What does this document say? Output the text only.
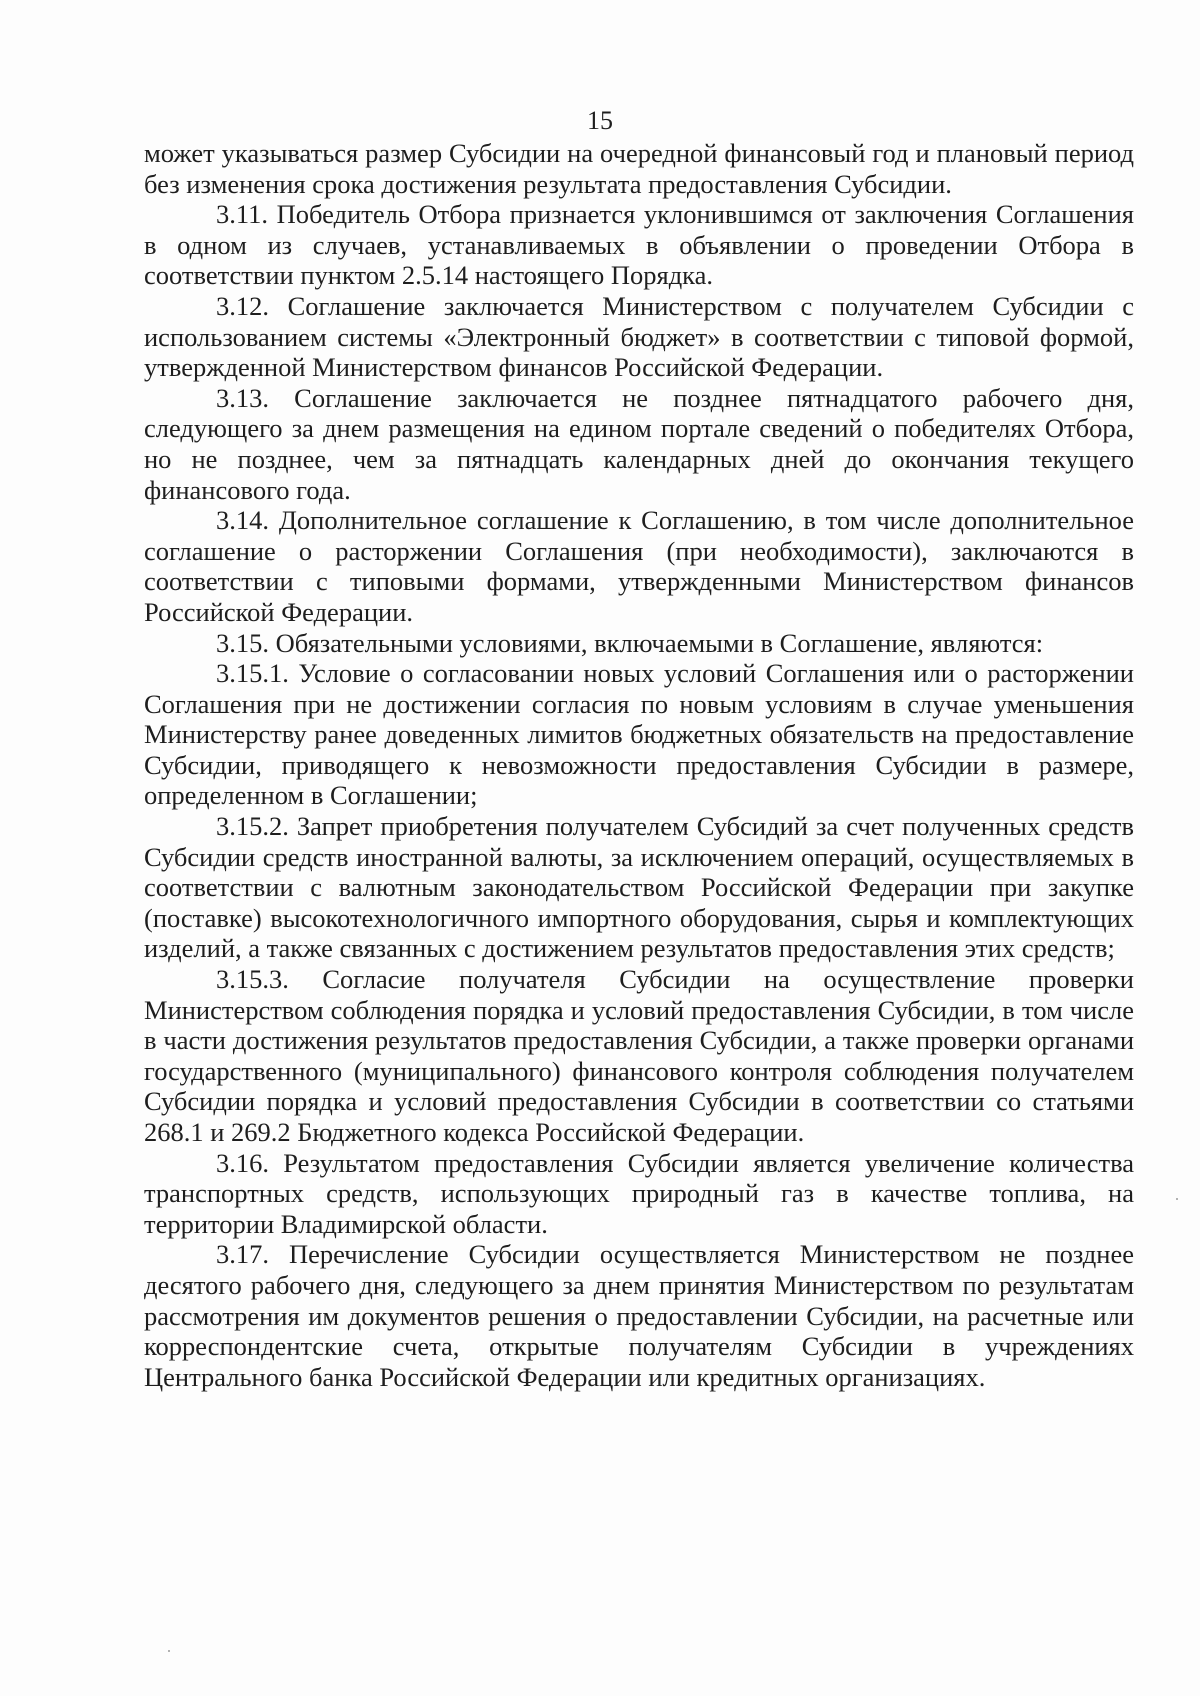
15

может указываться размер Субсидии на очередной финансовый год и плановый период без изменения срока достижения результата предоставления Субсидии.

3.11. Победитель Отбора признается уклонившимся от заключения Соглашения в одном из случаев, устанавливаемых в объявлении о проведении Отбора в соответствии пунктом 2.5.14 настоящего Порядка.

3.12. Соглашение заключается Министерством с получателем Субсидии с использованием системы «Электронный бюджет» в соответствии с типовой формой, утвержденной Министерством финансов Российской Федерации.

3.13. Соглашение заключается не позднее пятнадцатого рабочего дня, следующего за днем размещения на едином портале сведений о победителях Отбора, но не позднее, чем за пятнадцать календарных дней до окончания текущего финансового года.

3.14. Дополнительное соглашение к Соглашению, в том числе дополнительное соглашение о расторжении Соглашения (при необходимости), заключаются в соответствии с типовыми формами, утвержденными Министерством финансов Российской Федерации.

3.15. Обязательными условиями, включаемыми в Соглашение, являются:

3.15.1. Условие о согласовании новых условий Соглашения или о расторжении Соглашения при не достижении согласия по новым условиям в случае уменьшения Министерству ранее доведенных лимитов бюджетных обязательств на предоставление Субсидии, приводящего к невозможности предоставления Субсидии в размере, определенном в Соглашении;

3.15.2. Запрет приобретения получателем Субсидий за счет полученных средств Субсидии средств иностранной валюты, за исключением операций, осуществляемых в соответствии с валютным законодательством Российской Федерации при закупке (поставке) высокотехнологичного импортного оборудования, сырья и комплектующих изделий, а также связанных с достижением результатов предоставления этих средств;

3.15.3. Согласие получателя Субсидии на осуществление проверки Министерством соблюдения порядка и условий предоставления Субсидии, в том числе в части достижения результатов предоставления Субсидии, а также проверки органами государственного (муниципального) финансового контроля соблюдения получателем Субсидии порядка и условий предоставления Субсидии в соответствии со статьями 268.1 и 269.2 Бюджетного кодекса Российской Федерации.

3.16. Результатом предоставления Субсидии является увеличение количества транспортных средств, использующих природный газ в качестве топлива, на территории Владимирской области.

3.17. Перечисление Субсидии осуществляется Министерством не позднее десятого рабочего дня, следующего за днем принятия Министерством по результатам рассмотрения им документов решения о предоставлении Субсидии, на расчетные или корреспондентские счета, открытые получателям Субсидии в учреждениях Центрального банка Российской Федерации или кредитных организациях.
